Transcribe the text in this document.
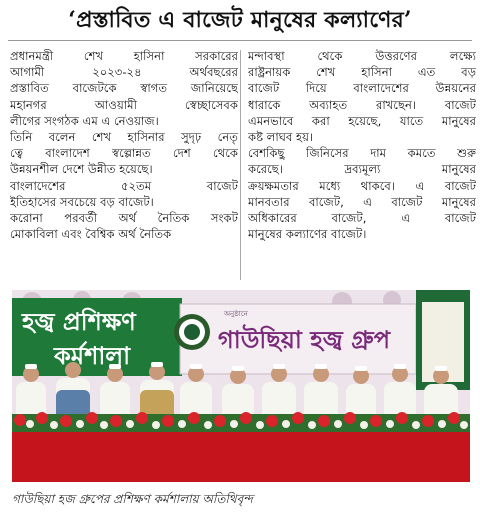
‘প্রস্তাবিত এ বাজেট মানুষের কল্যাণের’
প্রধানমন্ত্রী শেখ হাসিনা সরকারের
আগামী ২০২৩-২৪ অর্থবছরের
প্রস্তাবিত বাজেটকে স্বাগত জানিয়েছে
মহানগর আওয়ামী স্বেচ্ছাসেবক
লীগের সংগঠক এম এ নেওয়াজ।
তিনি বলেন শেখ হাসিনার সুদৃঢ় নেতৃ
ত্বে বাংলাদেশ স্বল্পোন্নত দেশ থেকে
উন্নয়নশীল দেশে উন্নীত হয়েছে।
বাংলাদেশের ৫২তম বাজেট
ইতিহাসের সবচেয়ে বড় বাজেট।
করোনা পরবর্তী অর্থ নৈতিক সংকট
মোকাবিলা এবং বৈশ্বিক অর্থ নৈতিক
মন্দাবস্থা থেকে উত্তরণের লক্ষ্যে
রাষ্ট্রনায়ক শেখ হাসিনা এত বড়
বাজেট দিয়ে বাংলাদেশের উন্নয়নের
ধারাকে অব্যাহত রাখছেন। বাজেট
এমনভাবে করা হয়েছে, যাতে মানুষের
কষ্ট লাঘব হয়।
বেশকিছু জিনিসের দাম কমতে শুরু
করেছে। দ্রব্যমূল্য মানুষের
ক্রয়ক্ষমতার মধ্যে থাকবে। এ বাজেট
মানবতার বাজেট, এ বাজেট মানুষের
অধিকারের বাজেট, এ বাজেট
মানুষের কল্যাণের বাজেট।
হজ্ব প্রশিক্ষণ
কর্মশালা
অনুষ্ঠানে
গাউছিয়া হজ্ব গ্রুপ
গাউছিয়া হজ গ্রুপের প্রশিক্ষণ কর্মশালায় অতিথিবৃন্দ
